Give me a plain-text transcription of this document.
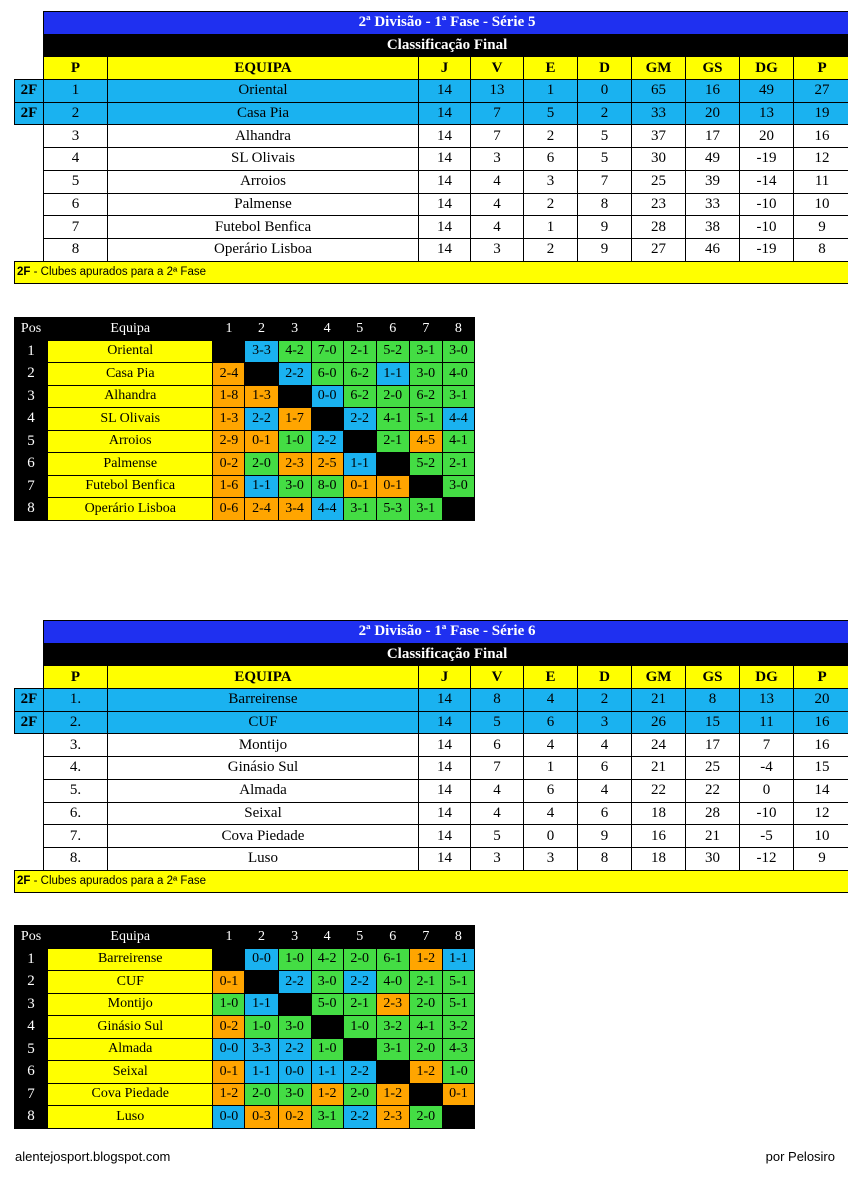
	2ª Divisão - 1ª Fase - Série 5									
	Classificação Final									
	P	EQUIPA	J	V	E	D	GM	GS	DG	P
2F	1	Oriental	14	13	1	0	65	16	49	27
2F	2	Casa Pia	14	7	5	2	33	20	13	19
	3	Alhandra	14	7	2	5	37	17	20	16
	4	SL Olivais	14	3	6	5	30	49	-19	12
	5	Arroios	14	4	3	7	25	39	-14	11
	6	Palmense	14	4	2	8	23	33	-10	10
	7	Futebol Benfica	14	4	1	9	28	38	-10	9
	8	Operário Lisboa	14	3	2	9	27	46	-19	8
2F - Clubes apurados para a 2ª Fase										
Pos	Equipa	1	2	3	4	5	6	7	8
1	Oriental		3-3	4-2	7-0	2-1	5-2	3-1	3-0
2	Casa Pia	2-4		2-2	6-0	6-2	1-1	3-0	4-0
3	Alhandra	1-8	1-3		0-0	6-2	2-0	6-2	3-1
4	SL Olivais	1-3	2-2	1-7		2-2	4-1	5-1	4-4
5	Arroios	2-9	0-1	1-0	2-2		2-1	4-5	4-1
6	Palmense	0-2	2-0	2-3	2-5	1-1		5-2	2-1
7	Futebol Benfica	1-6	1-1	3-0	8-0	0-1	0-1		3-0
8	Operário Lisboa	0-6	2-4	3-4	4-4	3-1	5-3	3-1	
	2ª Divisão - 1ª Fase - Série 6									
	Classificação Final									
	P	EQUIPA	J	V	E	D	GM	GS	DG	P
2F	1.	Barreirense	14	8	4	2	21	8	13	20
2F	2.	CUF	14	5	6	3	26	15	11	16
	3.	Montijo	14	6	4	4	24	17	7	16
	4.	Ginásio Sul	14	7	1	6	21	25	-4	15
	5.	Almada	14	4	6	4	22	22	0	14
	6.	Seixal	14	4	4	6	18	28	-10	12
	7.	Cova Piedade	14	5	0	9	16	21	-5	10
	8.	Luso	14	3	3	8	18	30	-12	9
2F - Clubes apurados para a 2ª Fase										
Pos	Equipa	1	2	3	4	5	6	7	8
1	Barreirense		0-0	1-0	4-2	2-0	6-1	1-2	1-1
2	CUF	0-1		2-2	3-0	2-2	4-0	2-1	5-1
3	Montijo	1-0	1-1		5-0	2-1	2-3	2-0	5-1
4	Ginásio Sul	0-2	1-0	3-0		1-0	3-2	4-1	3-2
5	Almada	0-0	3-3	2-2	1-0		3-1	2-0	4-3
6	Seixal	0-1	1-1	0-0	1-1	2-2		1-2	1-0
7	Cova Piedade	1-2	2-0	3-0	1-2	2-0	1-2		0-1
8	Luso	0-0	0-3	0-2	3-1	2-2	2-3	2-0	
alentejosport.blogspot.com	por Pelosiro
